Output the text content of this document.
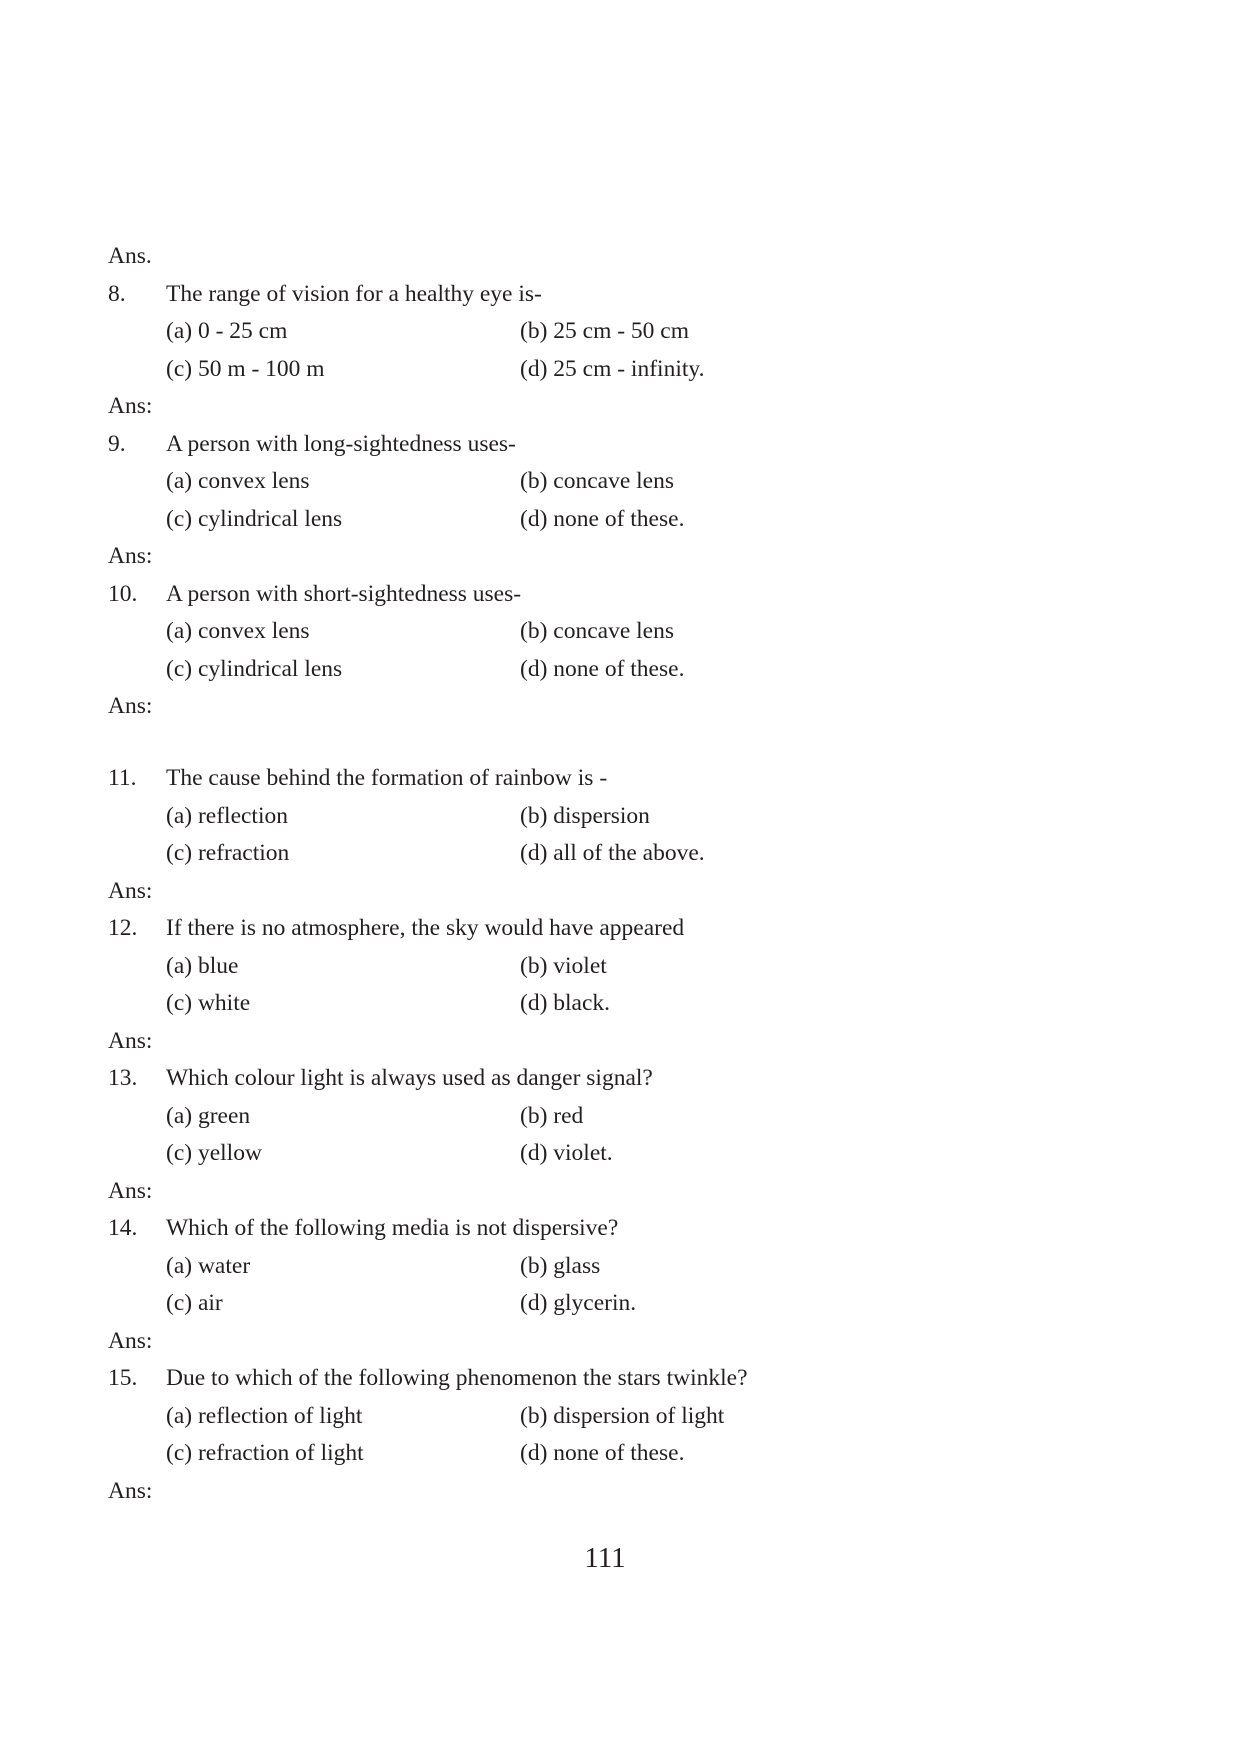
Ans.
8. The range of vision for a healthy eye is-
(a) 0 - 25 cm	(b) 25 cm - 50 cm
(c) 50 m - 100 m	(d) 25 cm - infinity.
Ans:
9. A person with long-sightedness uses-
(a) convex lens	(b) concave lens
(c) cylindrical lens	(d) none of these.
Ans:
10. A person with short-sightedness uses-
(a) convex lens	(b) concave lens
(c) cylindrical lens	(d) none of these.
Ans:
11. The cause behind the formation of rainbow is -
(a) reflection	(b) dispersion
(c) refraction	(d) all of the above.
Ans:
12. If there is no atmosphere, the sky would have appeared
(a) blue	(b) violet
(c) white	(d) black.
Ans:
13. Which colour light is always used as danger signal?
(a) green	(b) red
(c) yellow	(d) violet.
Ans:
14. Which of the following media is not dispersive?
(a) water	(b) glass
(c) air	(d) glycerin.
Ans:
15. Due to which of the following phenomenon the stars twinkle?
(a) reflection of light	(b) dispersion of light
(c) refraction of light	(d) none of these.
Ans:
111
